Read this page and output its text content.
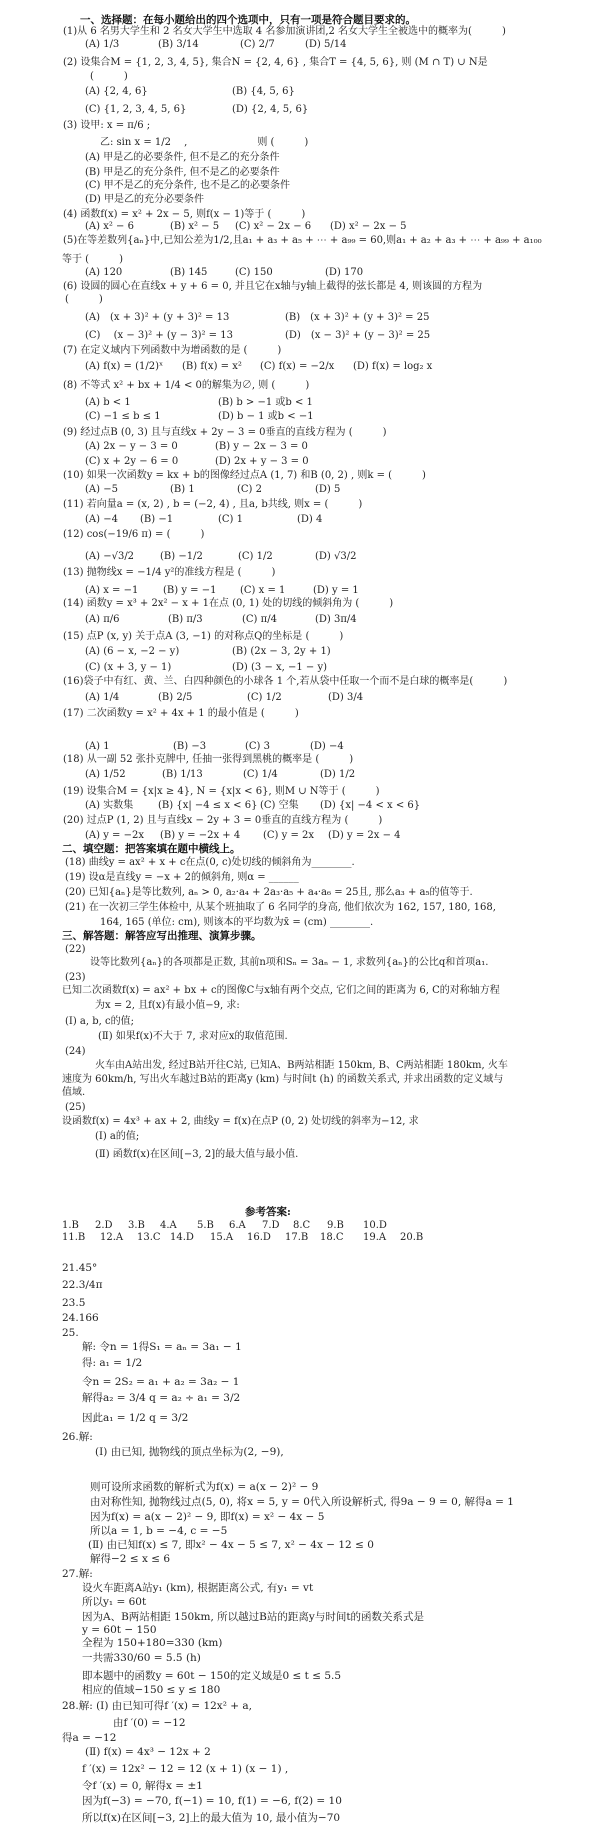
一、选择题：在每小题给出的四个选项中，只有一项是符合题目要求的。
(1)从 6 名男大学生和 2 名女大学生中选取 4 名参加演讲团,2 名女大学生全被选中的概率为(　　　)
(A) 1/3	(B) 3/14	(C) 2/7	(D) 5/14
(2) 设集合M = {1, 2, 3, 4, 5}, 集合N = {2, 4, 6} , 集合T = {4, 5, 6}, 则 (M ∩ T) ∪ N是
(　　　)
(A) {2, 4, 6}	(B) {4, 5, 6}
(C) {1, 2, 3, 4, 5, 6}	(D) {2, 4, 5, 6}
(3) 设甲: x = π/6 ;
乙: sin x = 1/2　 ,　　　　　　　则 (　　　)
(A) 甲是乙的必要条件, 但不是乙的充分条件
(B) 甲是乙的充分条件, 但不是乙的必要条件
(C) 甲不是乙的充分条件, 也不是乙的必要条件
(D) 甲是乙的充分必要条件
(4) 函数f(x) = x² + 2x − 5, 则f(x − 1)等于 (　　　)
(A) x² − 6	(B) x² − 5 (C) x² − 2x − 6 (D) x² − 2x − 5
(5)在等差数列{aₙ}中,已知公差为1/2,且a₁ + a₃ + a₅ + ⋯ + a₉₉ = 60,则a₁ + a₂ + a₃ + ⋯ + a₉₉ + a₁₀₀
等于 (　　　)
(A) 120	(B) 145	(C) 150	(D) 170
(6) 设圆的圆心在直线x + y + 6 = 0, 并且它在x轴与y轴上截得的弦长都是 4, 则该圆的方程为
(　　　)
(A)　(x + 3)² + (y + 3)² = 13	(B)　(x + 3)² + (y + 3)² = 25
(C)　 (x − 3)² + (y − 3)² = 13	(D)　(x − 3)² + (y − 3)² = 25
(7) 在定义域内下列函数中为增函数的是 (　　　)
(A) f(x) = (1/2)ˣ (B) f(x) = x² (C) f(x) = −2/x (D) f(x) = log₂ x
(8) 不等式 x² + bx + 1/4 < 0的解集为∅, 则 (　　　)
(A) b < 1	(B) b > −1 或b < 1
(C) −1 ≤ b ≤ 1	(D) b − 1 或b < −1
(9) 经过点B (0, 3) 且与直线x + 2y − 3 = 0垂直的直线方程为 (　　　)
(A) 2x − y − 3 = 0	(B) y − 2x − 3 = 0
(C) x + 2y − 6 = 0	(D) 2x + y − 3 = 0
(10) 如果一次函数y = kx + b的图像经过点A (1, 7) 和B (0, 2) , 则k = (　　　)
(A) −5	(B) 1	(C) 2	(D) 5
(11) 若向量a = (x, 2) , b = (−2, 4) , 且a, b共线, 则x = (　　　)
(A) −4 (B) −1	(C) 1	(D) 4
(12) cos(−19/6 π) = (　　　)
(A) −√3/2	(B) −1/2	(C) 1/2	(D) √3/2
(13) 抛物线x = −1/4 y²的准线方程是 (　　　)
(A) x = −1 (B) y = −1 (C) x = 1	(D) y = 1
(14) 函数y = x³ + 2x² − x + 1在点 (0, 1) 处的切线的倾斜角为 (　　　)
(A) π/6	(B) π/3	(C) π/4	(D) 3π/4
(15) 点P (x, y) 关于点A (3, −1) 的对称点Q的坐标是 (　　　)
(A) (6 − x, −2 − y)	(B) (2x − 3, 2y + 1)
(C) (x + 3, y − 1)	(D) (3 − x, −1 − y)
(16)袋子中有红、黄、兰、白四种颜色的小球各 1 个,若从袋中任取一个而不是白球的概率是(　　　)
(A) 1/4	(B) 2/5	(C) 1/2	(D) 3/4
(17) 二次函数y = x² + 4x + 1 的最小值是 (　　　)
(A) 1	(B) −3	(C) 3	(D) −4
(18) 从一副 52 张扑克牌中, 任抽一张得到黑桃的概率是 (　　　)
(A) 1/52	(B) 1/13	(C) 1/4	(D) 1/2
(19) 设集合M = {x|x ≥ 4}, N = {x|x < 6}, 则M ∪ N等于 (　　　)
(A) 实数集 (B) {x| −4 ≤ x < 6} (C) 空集 (D) {x| −4 < x < 6}
(20) 过点P (1, 2) 且与直线x − 2y + 3 = 0垂直的直线方程为 (　　　)
(A) y = −2x (B) y = −2x + 4 (C) y = 2x (D) y = 2x − 4
二、填空题：把答案填在题中横线上。
(18) 曲线y = ax² + x + c在点(0, c)处切线的倾斜角为________.
(19) 设α是直线y = −x + 2的倾斜角, 则α = ______
(20) 已知{aₙ}是等比数列, aₙ > 0, a₂·a₄ + 2a₃·a₅ + a₄·a₆ = 25且, 那么a₃ + a₅的值等于.
(21) 在一次初三学生体检中, 从某个班抽取了 6 名同学的身高, 他们依次为 162, 157, 180, 168,
164, 165 (单位: cm), 则该本的平均数为x̄ = (cm) ________.
三、解答题：解答应写出推理、演算步骤。
(22)
设等比数列{aₙ}的各项都是正数, 其前n项和Sₙ = 3aₙ − 1, 求数列{aₙ}的公比q和首项a₁.
(23)
已知二次函数f(x) = ax² + bx + c的图像C与x轴有两个交点, 它们之间的距离为 6, C的对称轴方程
为x = 2, 且f(x)有最小值−9, 求:
(Ⅰ) a, b, c的值;
(Ⅱ) 如果f(x)不大于 7, 求对应x的取值范围.
(24)
火车由A站出发, 经过B站开往C站, 已知A、B两站相距 150km, B、C两站相距 180km, 火车
速度为 60km/h, 写出火车越过B站的距离y (km) 与时间t (h) 的函数关系式, 并求出函数的定义域与
值域.
(25)
设函数f(x) = 4x³ + ax + 2, 曲线y = f(x)在点P (0, 2) 处切线的斜率为−12, 求
(Ⅰ) a的值;
(Ⅱ) 函数f(x)在区间[−3, 2]的最大值与最小值.
参考答案:
1.B 2.D 3.B 4.A 5.B 6.A 7.D 8.C 9.B 10.D
11.B 12.A 13.C 14.D 15.A 16.D 17.B 18.C 19.A 20.B
21.45°
22.3/4π
23.5
24.166
25.
解: 令n = 1得S₁ = aₙ = 3a₁ − 1
得: a₁ = 1/2
令n = 2S₂ = a₁ + a₂ = 3a₂ − 1
解得a₂ = 3/4 q = a₂ ÷ a₁ = 3/2
因此a₁ = 1/2 q = 3/2
26.解:
(Ⅰ) 由已知, 抛物线的顶点坐标为(2, −9),
则可设所求函数的解析式为f(x) = a(x − 2)² − 9
由对称性知, 抛物线过点(5, 0), 将x = 5, y = 0代入所设解析式, 得9a − 9 = 0, 解得a = 1
因为f(x) = a(x − 2)² − 9, 即f(x) = x² − 4x − 5
所以a = 1, b = −4, c = −5
(Ⅱ) 由已知f(x) ≤ 7, 即x² − 4x − 5 ≤ 7, x² − 4x − 12 ≤ 0
解得−2 ≤ x ≤ 6
27.解:
设火车距离A站y₁ (km), 根据距离公式, 有y₁ = vt
所以y₁ = 60t
因为A、B两站相距 150km, 所以越过B站的距离y与时间t的函数关系式是
y = 60t − 150
全程为 150+180=330 (km)
一共需330/60 = 5.5 (h)
即本题中的函数y = 60t − 150的定义域是0 ≤ t ≤ 5.5
相应的值域−150 ≤ y ≤ 180
28.解: (Ⅰ) 由已知可得f ′(x) = 12x² + a,
由f ′(0) = −12
得a = −12
(Ⅱ) f(x) = 4x³ − 12x + 2
f ′(x) = 12x² − 12 = 12 (x + 1) (x − 1) ,
令f ′(x) = 0, 解得x = ±1
因为f(−3) = −70, f(−1) = 10, f(1) = −6, f(2) = 10
所以f(x)在区间[−3, 2]上的最大值为 10, 最小值为−70
